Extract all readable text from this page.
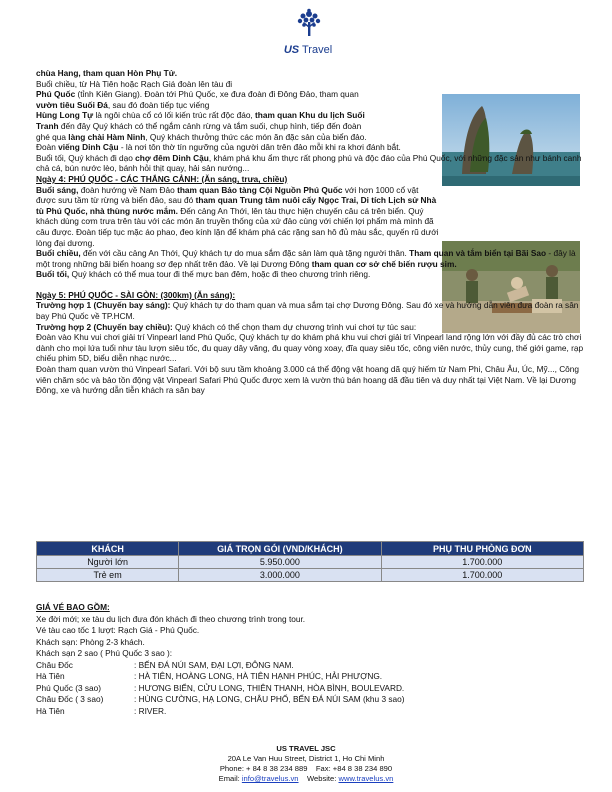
US Travel

chùa Hang, tham quan Hòn Phụ Tử.

Buổi chiều, từ Hà Tiên hoặc Rạch Giá đoàn lên tàu đi

Phú Quốc (tỉnh Kiên Giang). Đoàn tới Phú Quốc, xe đưa đoàn đi Đông Đảo, tham quan

vườn tiêu Suối Đá, sau đó đoàn tiếp tục viếng

Hùng Long Tự là ngôi chùa cổ có lối kiến trúc rất độc đáo, tham quan Khu du lịch Suối

Tranh đến đây Quý khách có thể ngắm cảnh rừng và tắm suối, chụp hình, tiếp đến đoàn

ghé qua làng chài Hàm Ninh, Quý khách thưởng thức các món ăn đặc sản của biển đảo.

Đoàn viếng Dinh Cậu - là nơi tôn thờ tín ngưỡng của người dân trên đảo mỗi khi ra khơi đánh bắt.

Buổi tối, Quý khách đi dạo chợ đêm Dinh Cậu, khám phá khu ẩm thực rất phong phú và độc đáo của Phú Quốc, với những đặc sản như bánh canh chả cá, bún nước lèo, bánh hỏi thịt quay, hải sản nướng...

Ngày 4: PHÚ QUỐC - CÁC THẮNG CẢNH: (Ăn sáng, trưa, chiều)

Buổi sáng, đoàn hướng về Nam Đảo tham quan Bảo tàng Cội Nguồn Phú Quốc với hơn 1000 cổ vật được sưu tầm từ rừng và biển đảo, sau đó tham quan Trung tâm nuôi cấy Ngọc Trai, Di tích Lịch sử Nhà tù Phú Quốc, nhà thùng nước mắm. Đến cảng An Thới, lên tàu thực hiện chuyến câu cá trên biển. Quý khách dùng cơm trưa trên tàu với các món ăn truyền thống của xứ đảo cùng với chiến lợi phẩm mà mình đã câu được. Đoàn tiếp tục mặc áo phao, đeo kính lặn để khám phá các rặng san hô đủ màu sắc, quyến rũ dưới lòng đại dương.

Buổi chiều, đến với cầu cảng An Thới, Quý khách tự do mua sắm đặc sản làm quà tặng người thân. Tham quan và tắm biển tại Bãi Sao - đây là một trong những bãi biển hoang sơ đẹp nhất trên đảo. Về lại Dương Đông tham quan cơ sở chế biến rượu sim.

Buổi tối, Quý khách có thể mua tour đi thế mực ban đêm, hoặc đi theo chương trình riêng.

Ngày 5: PHÚ QUỐC - SÀI GÒN: (300km) (Ăn sáng):

Trường hợp 1 (Chuyến bay sáng): Quý khách tự do tham quan và mua sắm tại chợ Dương Đông. Sau đó xe và hướng dẫn viên đưa đoàn ra sân bay Phú Quốc về TP.HCM.

Trường hợp 2 (Chuyến bay chiều): Quý khách có thể chọn tham dự chương trình vui chơi tự túc sau:

Đoàn vào Khu vui chơi giải trí Vinpearl land Phú Quốc, Quý khách tự do khám phá khu vui chơi giải trí Vinpearl land rộng lớn với đầy đủ các trò chơi dành cho mọi lứa tuổi như tàu lượn siêu tốc, đu quay dây văng, đu quay vòng xoay, đĩa quay siêu tốc, công viên nước, thủy cung, thế giới game, rạp chiếu phim 5D, biểu diễn nhạc nước...

Đoàn tham quan vườn thú Vinpearl Safari. Với bộ sưu tầm khoảng 3.000 cá thể động vật hoang dã quý hiếm từ Nam Phi, Châu Âu, Úc, Mỹ..., Công viên chăm sóc và bảo tồn động vật Vinpearl Safari Phú Quốc được xem là vườn thú bán hoang dã đầu tiên và duy nhất tại Việt Nam. Về lại Dương Đông, xe và hướng dẫn tiễn khách ra sân bay

KHÁCH	GIÁ TRỌN GÓI (VND/KHÁCH)	PHỤ THU PHÒNG ĐƠN
Người lớn	5.950.000	1.700.000
Trẻ em	3.000.000	1.700.000

GIÁ VÉ BAO GỒM:

Xe đời mới; xe tàu du lịch đưa đón khách đi theo chương trình trong tour.

Vé tàu cao tốc 1 lượt: Rạch Giá - Phú Quốc.

Khách sạn: Phòng 2-3 khách.

Khách sạn 2 sao ( Phú Quốc 3 sao ):

Châu Đốc	: BẾN ĐÁ NÚI SAM, ĐẠI LỢI, ĐÔNG NAM.
Hà Tiên	: HÀ TIÊN, HOÀNG LONG, HÀ TIÊN HẠNH PHÚC, HẢI PHƯỢNG.
Phú Quốc (3 sao)	: HƯƠNG BIỂN, CỬU LONG, THIÊN THANH, HÒA BÌNH, BOULEVARD.
Châu Đốc ( 3 sao)	: HÙNG CƯỜNG, HẠ LONG, CHÂU PHỐ, BẾN ĐÁ NÚI SAM (khu 3 sao)
Hà Tiên	: RIVER.
US TRAVEL JSC
20A Le Van Huu Street, District 1, Ho Chi Minh
Phone: + 84 8 38 234 889    Fax: +84 8 38 234 890
Email: info@travelus.vn    Website: www.travelus.vn
